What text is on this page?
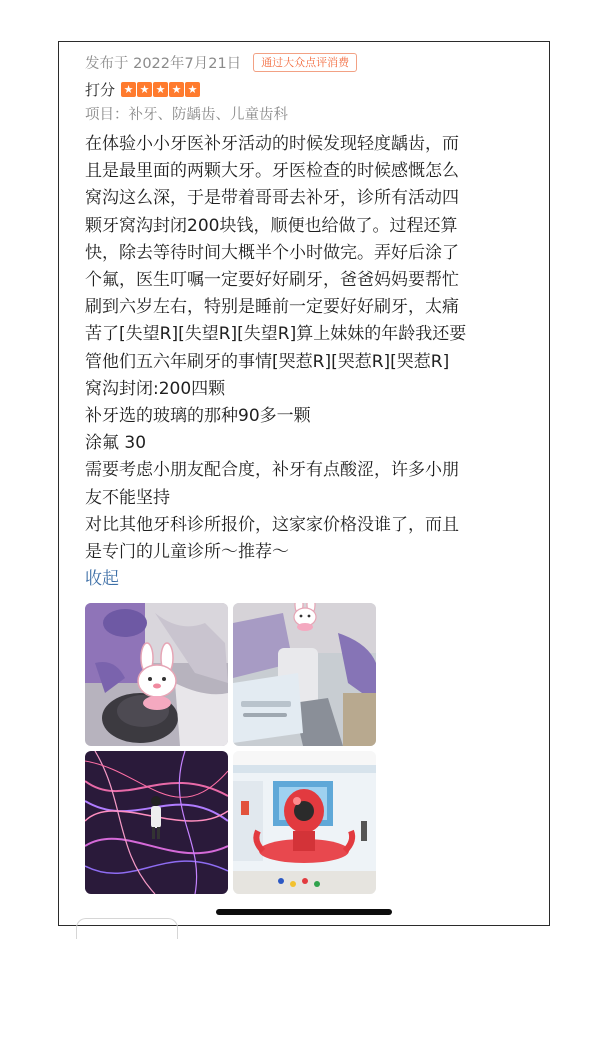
发布于 2022年7月21日	通过大众点评消费
打分 ★ ★ ★ ★ ★
项目：补牙、防龋齿、儿童齿科
在体验小小牙医补牙活动的时候发现轻度龋齿，而
且是最里面的两颗大牙。牙医检查的时候感慨怎么
窝沟这么深，于是带着哥哥去补牙，诊所有活动四
颗牙窝沟封闭200块钱，顺便也给做了。过程还算
快，除去等待时间大概半个小时做完。弄好后涂了
个氟，医生叮嘱一定要好好刷牙，爸爸妈妈要帮忙
刷到六岁左右，特别是睡前一定要好好刷牙，太痛
苦了[失望R][失望R][失望R]算上妹妹的年龄我还要
管他们五六年刷牙的事情[哭惹R][哭惹R][哭惹R]
窝沟封闭:200四颗
补牙选的玻璃的那种90多一颗
涂氟 30
需要考虑小朋友配合度，补牙有点酸涩，许多小朋
友不能坚持
对比其他牙科诊所报价，这家家价格没谁了，而且
是专门的儿童诊所～推荐～
收起
